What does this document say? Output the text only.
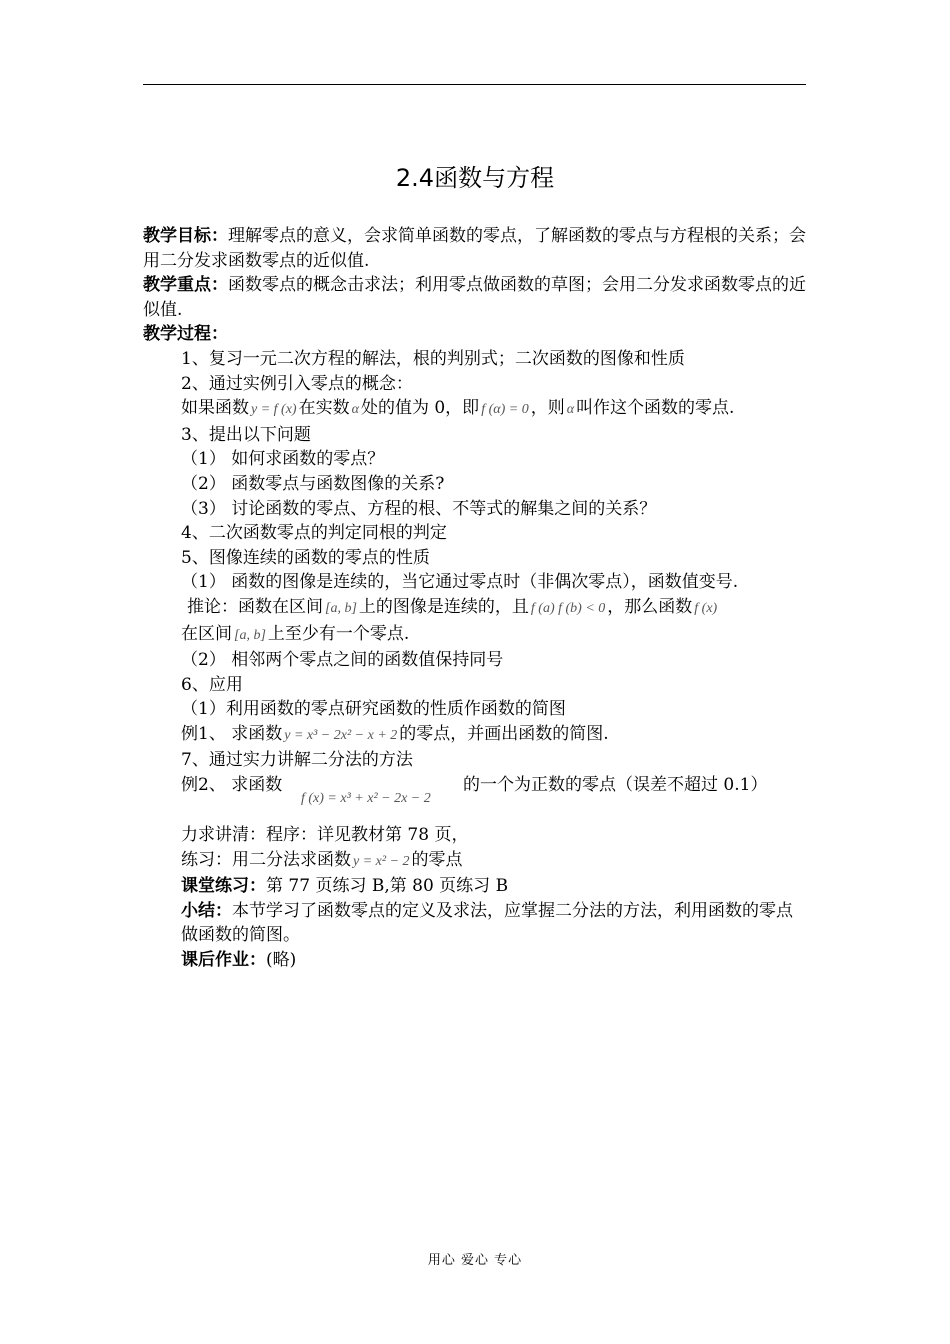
2.4函数与方程

教学目标：理解零点的意义，会求简单函数的零点，了解函数的零点与方程根的关系；会用二分发求函数零点的近似值.

教学重点：函数零点的概念击求法；利用零点做函数的草图；会用二分发求函数零点的近似值.

教学过程：

1、复习一元二次方程的解法，根的判别式；二次函数的图像和性质

2、通过实例引入零点的概念：

如果函数 y = f (x) 在实数 α 处的值为 0，即 f (α) = 0 ，则 α 叫作这个函数的零点.

3、提出以下问题

（1） 如何求函数的零点？

（2） 函数零点与函数图像的关系?

（3） 讨论函数的零点、方程的根、不等式的解集之间的关系？

4、二次函数零点的判定同根的判定

5、图像连续的函数的零点的性质

（1） 函数的图像是连续的，当它通过零点时（非偶次零点），函数值变号.

推论：函数在区间 [a, b] 上的图像是连续的，且 f (a) f (b) < 0 ，那么函数 f (x)

在区间 [a, b] 上至少有一个零点.

（2） 相邻两个零点之间的函数值保持同号

6、应用

（1）利用函数的零点研究函数的性质作函数的简图

例1、 求函数 y = x³ − 2x² − x + 2 的零点，并画出函数的简图.

7、通过实力讲解二分法的方法

例2、 求函数
f (x) = x³ + x² − 2x − 2
的一个为正数的零点（误差不超过 0.1）

力求讲清：程序：详见教材第 78 页，

练习：用二分法求函数 y = x² − 2 的零点

课堂练习：第 77 页练习 B,第 80 页练习 B

小结：本节学习了函数零点的定义及求法，应掌握二分法的方法，利用函数的零点做函数的简图。

课后作业：(略)

用心 爱心 专心
